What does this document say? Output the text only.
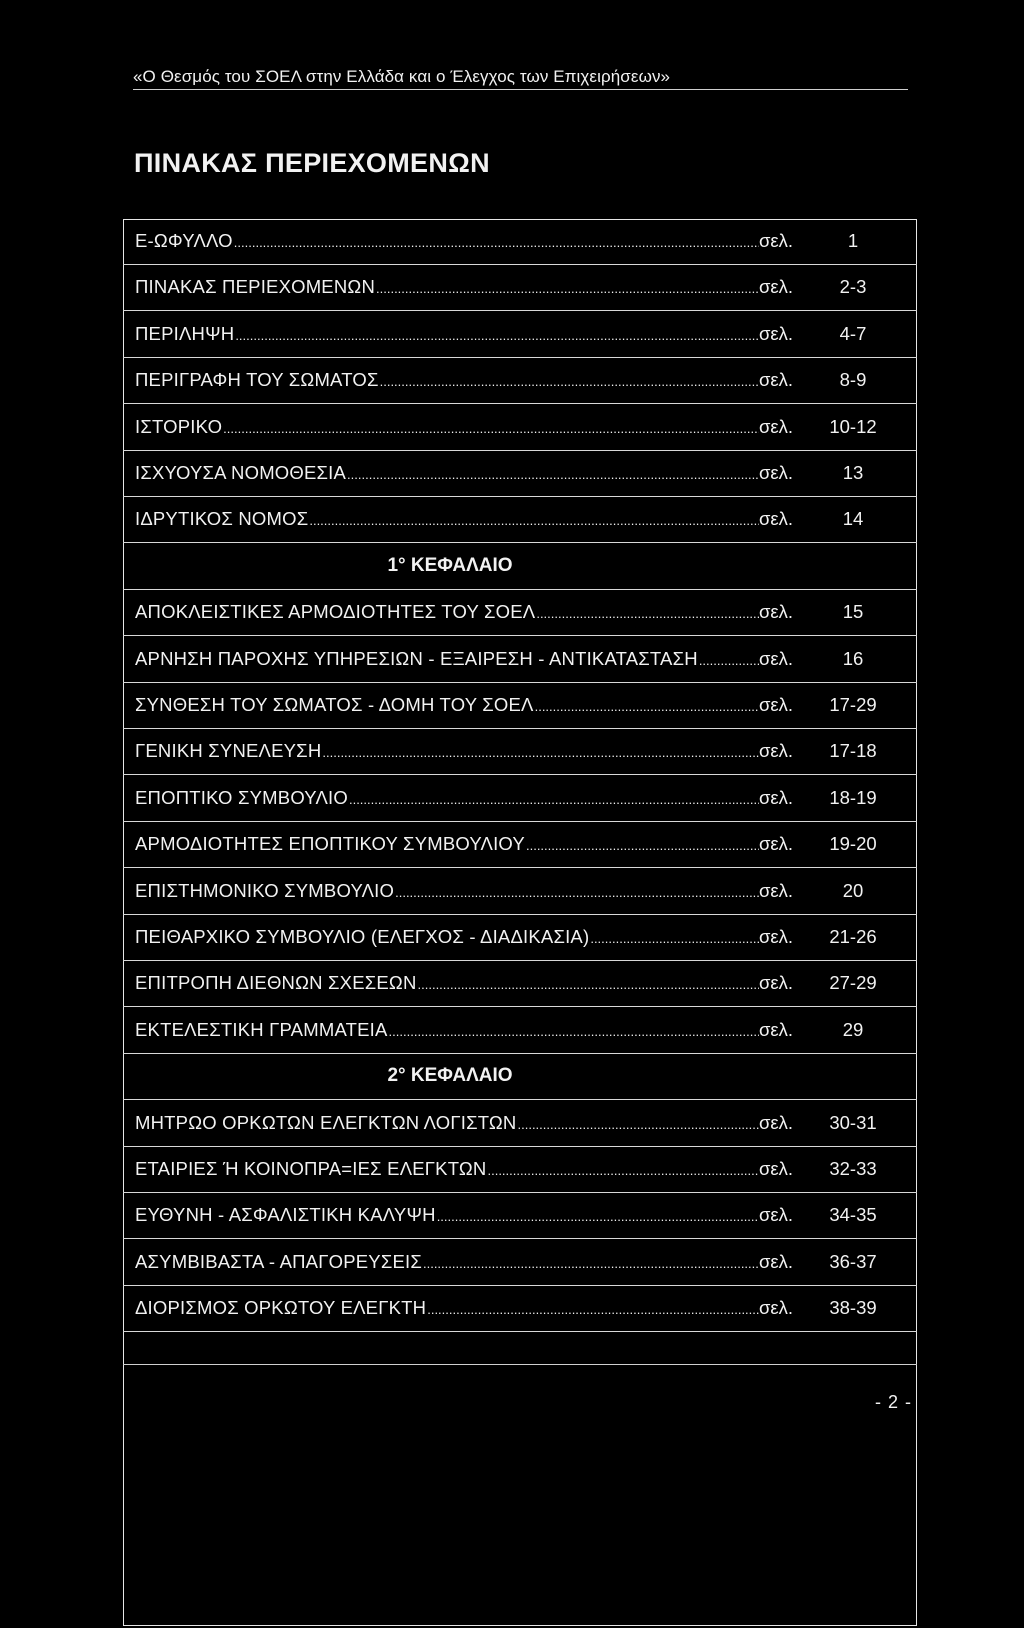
«Ο Θεσμός του ΣΟΕΛ στην Ελλάδα και ο Έλεγχος των Επιχειρήσεων»
ΠΙΝΑΚΑΣ ΠΕΡΙΕΧΟΜΕΝΩΝ
Ε-ΩΦΥΛΛΟ .....	σελ.	1
ΠΙΝΑΚΑΣ ΠΕΡΙΕΧΟΜΕΝΩΝ .....	σελ.	2-3
ΠΕΡΙΛΗΨΗ .....	σελ.	4-7
ΠΕΡΙΓΡΑΦΗ ΤΟΥ ΣΩΜΑΤΟΣ .....	σελ.	8-9
ΙΣΤΟΡΙΚΟ .....	σελ.	10-12
ΙΣΧΥΟΥΣΑ ΝΟΜΟΘΕΣΙΑ .....	σελ.	13
ΙΔΡΥΤΙΚΟΣ ΝΟΜΟΣ .....	σελ.	14
1° ΚΕΦΑΛΑΙΟ
ΑΠΟΚΛΕΙΣΤΙΚΕΣ ΑΡΜΟΔΙΟΤΗΤΕΣ ΤΟΥ ΣΟΕΛ .....	σελ.	15
ΑΡΝΗΣΗ ΠΑΡΟΧΗΣ ΥΠΗΡΕΣΙΩΝ - ΕΞΑΙΡΕΣΗ - ΑΝΤΙΚΑΤΑΣΤΑΣΗ .....	σελ.	16
ΣΥΝΘΕΣΗ ΤΟΥ ΣΩΜΑΤΟΣ - ΔΟΜΗ ΤΟΥ ΣΟΕΛ .....	σελ.	17-29
ΓΕΝΙΚΗ ΣΥΝΕΛΕΥΣΗ .....	σελ.	17-18
ΕΠΟΠΤΙΚΟ ΣΥΜΒΟΥΛΙΟ .....	σελ.	18-19
ΑΡΜΟΔΙΟΤΗΤΕΣ ΕΠΟΠΤΙΚΟΥ ΣΥΜΒΟΥΛΙΟΥ .....	σελ.	19-20
ΕΠΙΣΤΗΜΟΝΙΚΟ ΣΥΜΒΟΥΛΙΟ .....	σελ.	20
ΠΕΙΘΑΡΧΙΚΟ ΣΥΜΒΟΥΛΙΟ (ΕΛΕΓΧΟΣ - ΔΙΑΔΙΚΑΣΙΑ) .....	σελ.	21-26
ΕΠΙΤΡΟΠΗ ΔΙΕΘΝΩΝ ΣΧΕΣΕΩΝ .....	σελ.	27-29
ΕΚΤΕΛΕΣΤΙΚΗ ΓΡΑΜΜΑΤΕΙΑ .....	σελ.	29
2° ΚΕΦΑΛΑΙΟ
ΜΗΤΡΩΟ ΟΡΚΩΤΩΝ ΕΛΕΓΚΤΩΝ ΛΟΓΙΣΤΩΝ .....	σελ.	30-31
ΕΤΑΙΡΙΕΣ Ή ΚΟΙΝΟΠΡΑ=ΙΕΣ ΕΛΕΓΚΤΩΝ .....	σελ.	32-33
ΕΥΘΥΝΗ - ΑΣΦΑΛΙΣΤΙΚΗ ΚΑΛΥΨΗ .....	σελ.	34-35
ΑΣΥΜΒΙΒΑΣΤΑ - ΑΠΑΓΟΡΕΥΣΕΙΣ .....	σελ.	36-37
ΔΙΟΡΙΣΜΟΣ ΟΡΚΩΤΟΥ ΕΛΕΓΚΤΗ .....	σελ.	38-39
- 2 -
